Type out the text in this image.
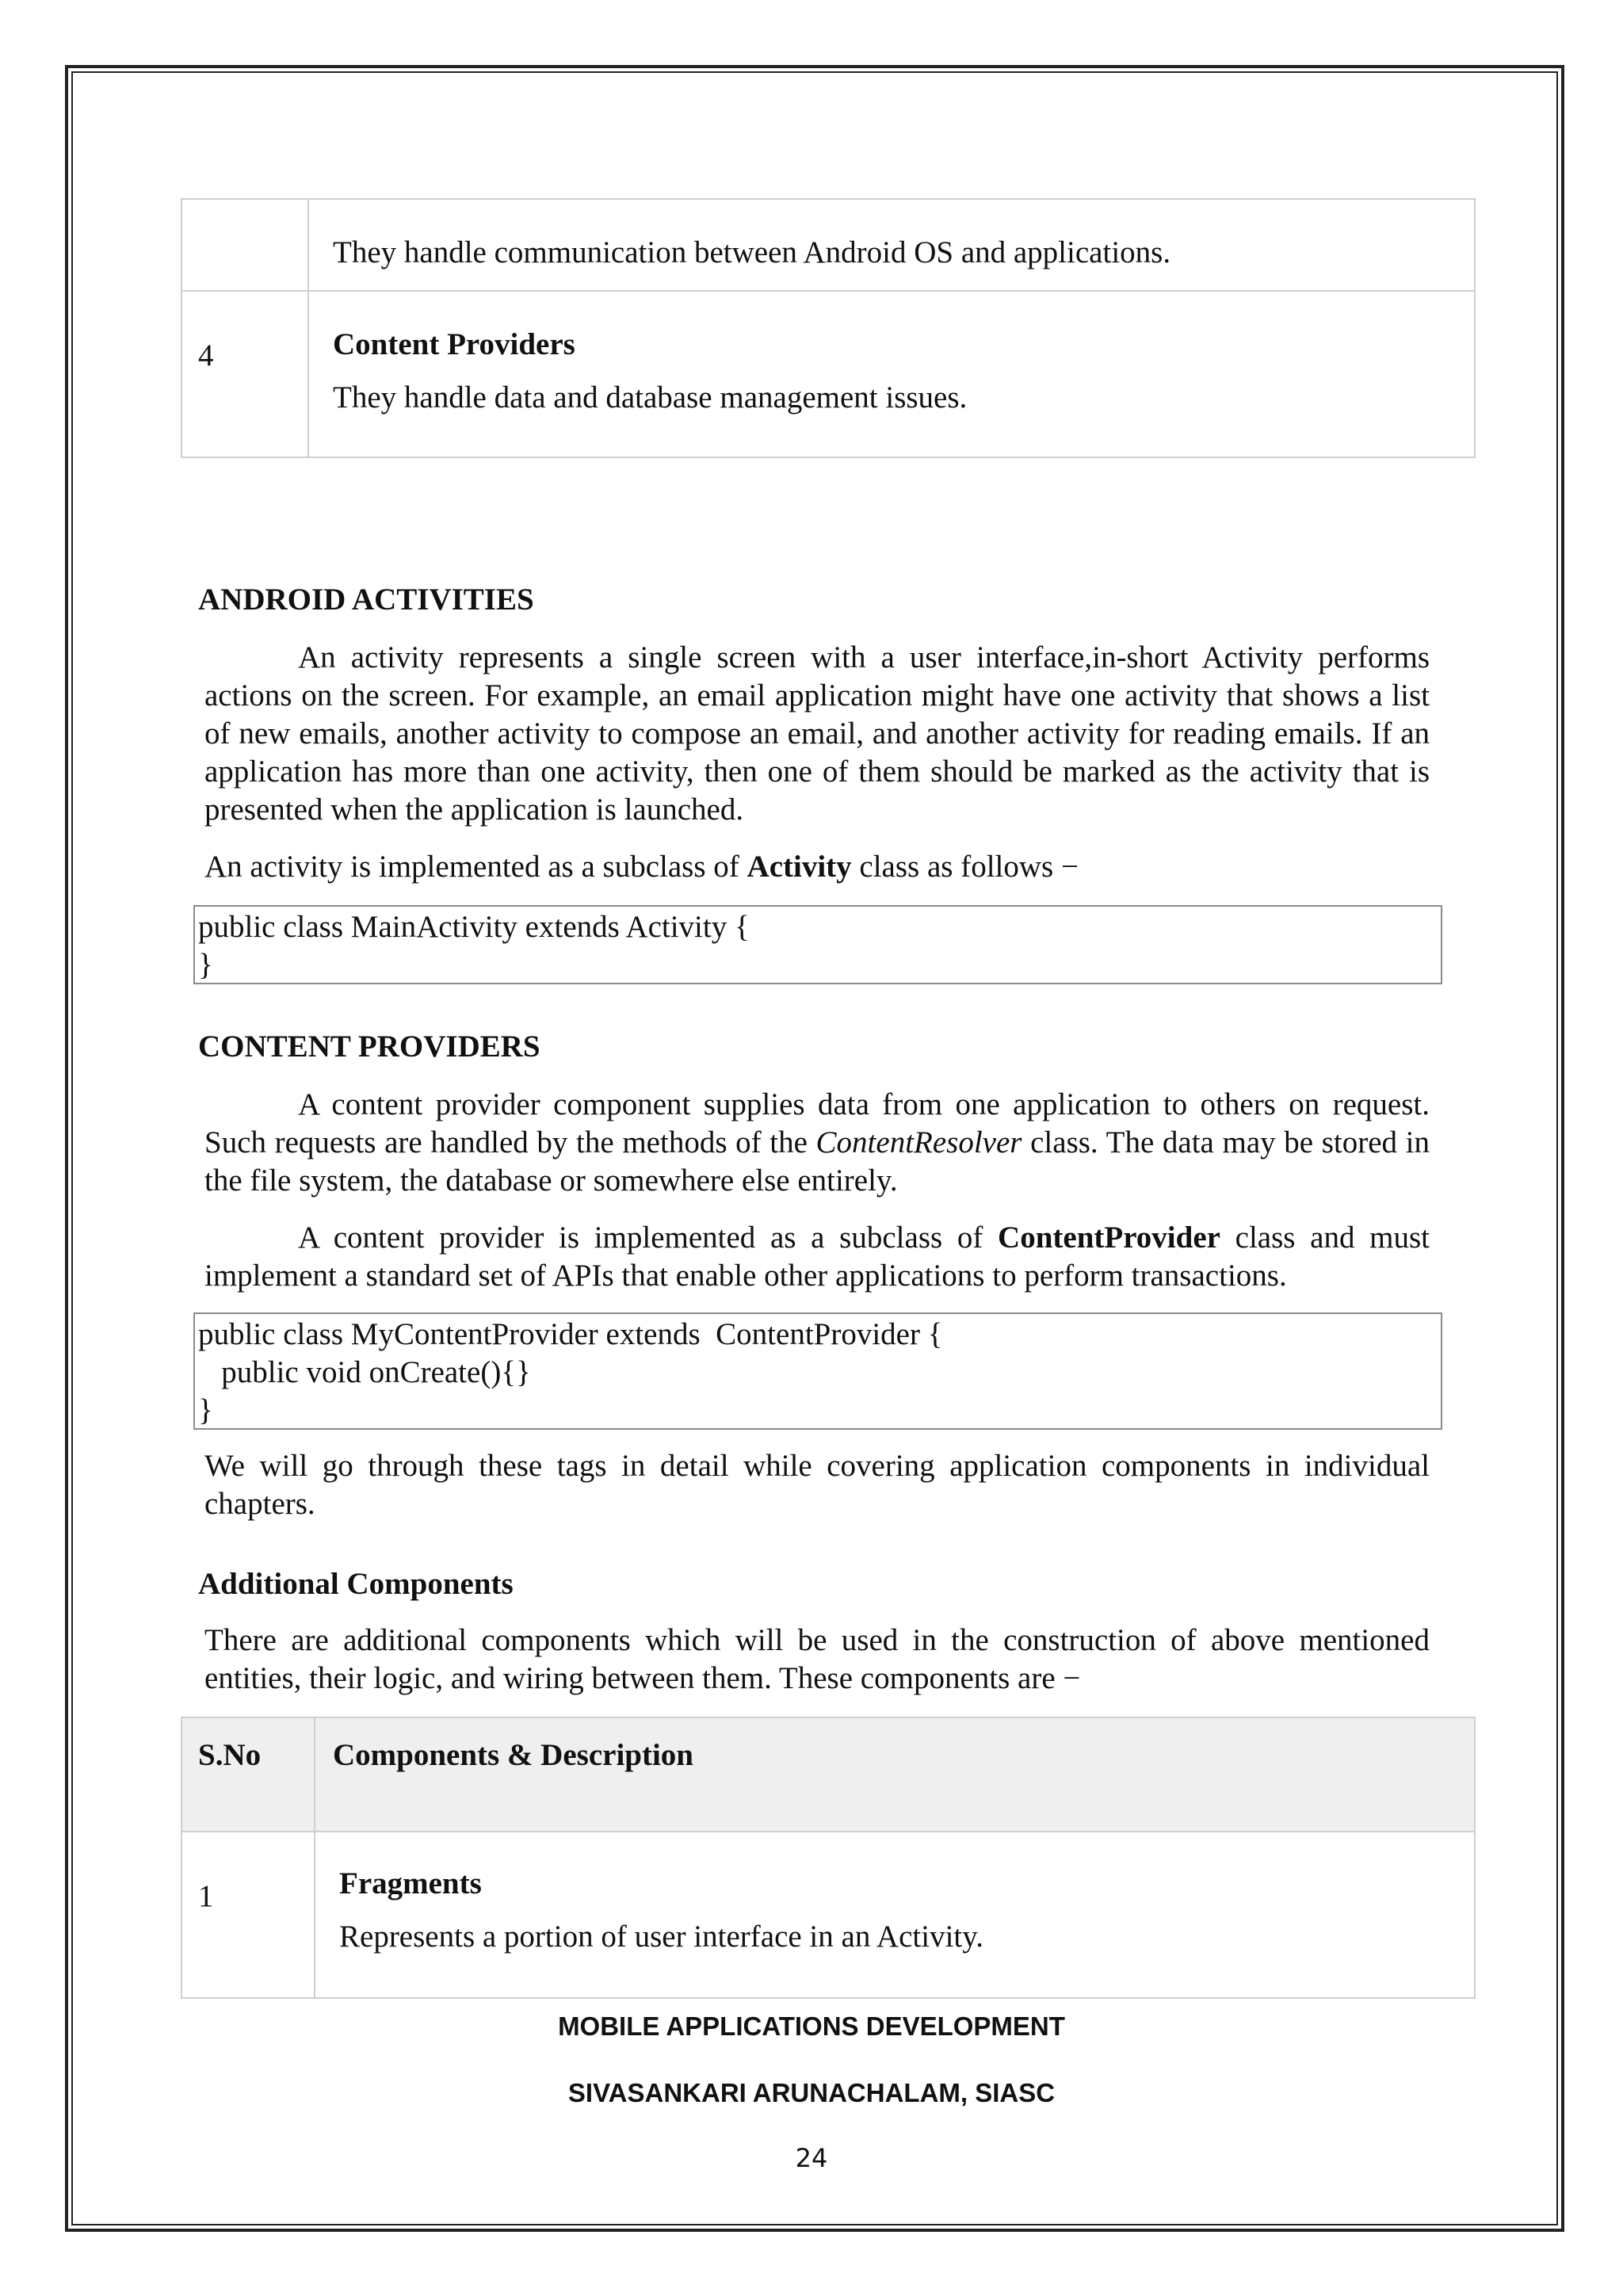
	They handle communication between Android OS and applications.

4	Content Providers
They handle data and database management issues.
ANDROID ACTIVITIES

An activity represents a single screen with a user interface,in-short Activity performs actions on the screen. For example, an email application might have one activity that shows a list of new emails, another activity to compose an email, and another activity for reading emails. If an application has more than one activity, then one of them should be marked as the activity that is presented when the application is launched.

An activity is implemented as a subclass of Activity class as follows −

public class MainActivity extends Activity {
}
CONTENT PROVIDERS

A content provider component supplies data from one application to others on request. Such requests are handled by the methods of the ContentResolver class. The data may be stored in the file system, the database or somewhere else entirely.

A content provider is implemented as a subclass of ContentProvider class and must implement a standard set of APIs that enable other applications to perform transactions.

public class MyContentProvider extends  ContentProvider {
public void onCreate(){}
}

We will go through these tags in detail while covering application components in individual chapters.

Additional Components

There are additional components which will be used in the construction of above mentioned entities, their logic, and wiring between them. These components are −

S.No	Components & Description
1	Fragments
Represents a portion of user interface in an Activity.
MOBILE APPLICATIONS DEVELOPMENT
SIVASANKARI ARUNACHALAM, SIASC
24
